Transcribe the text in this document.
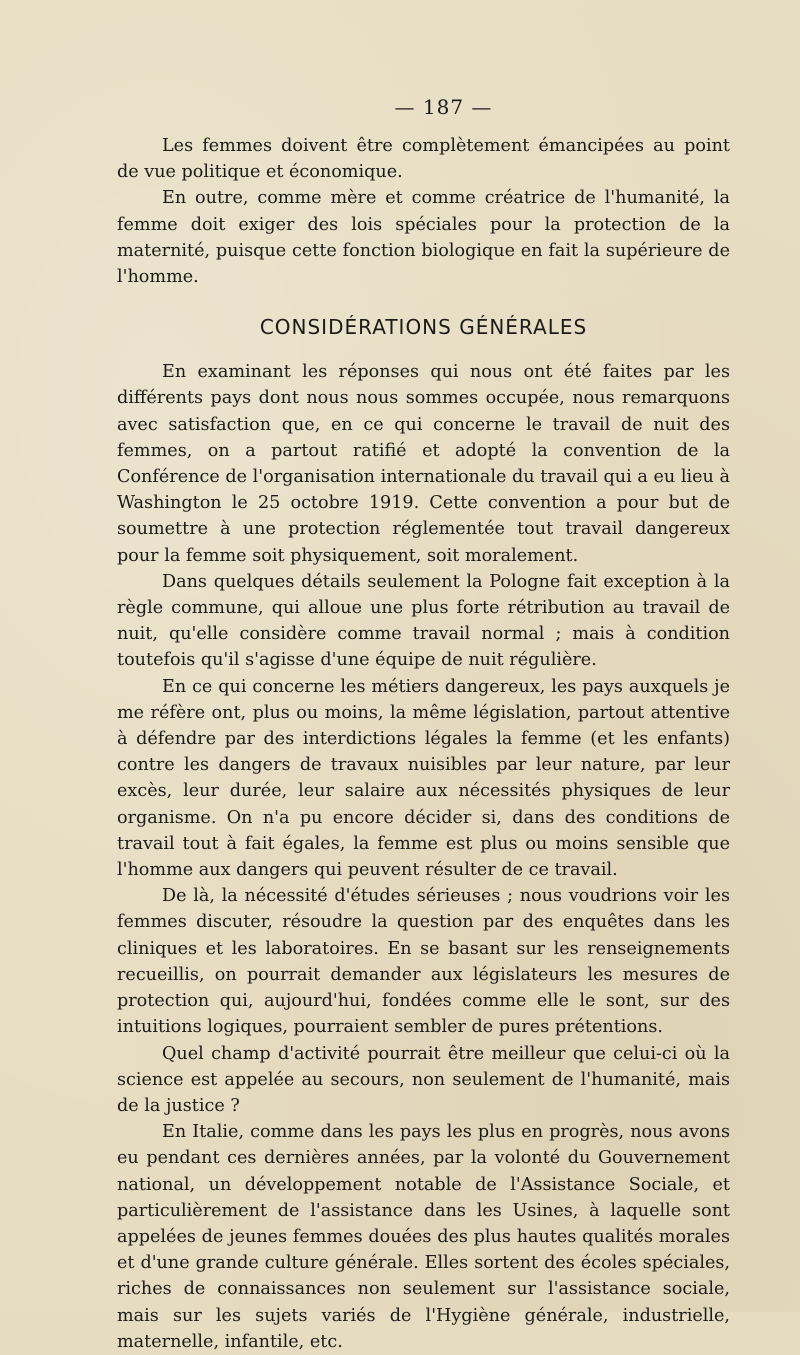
— 187 —

Les femmes doivent être complètement émancipées au point de vue politique et économique.

En outre, comme mère et comme créatrice de l'humanité, la femme doit exiger des lois spéciales pour la protection de la maternité, puisque cette fonction biologique en fait la supérieure de l'homme.

CONSIDÉRATIONS GÉNÉRALES

En examinant les réponses qui nous ont été faites par les différents pays dont nous nous sommes occupée, nous remarquons avec satisfaction que, en ce qui concerne le travail de nuit des femmes, on a partout ratifié et adopté la convention de la Conférence de l'organisation internationale du travail qui a eu lieu à Washington le 25 octobre 1919. Cette convention a pour but de soumettre à une protection réglementée tout travail dangereux pour la femme soit physiquement, soit moralement.

Dans quelques détails seulement la Pologne fait exception à la règle commune, qui alloue une plus forte rétribution au travail de nuit, qu'elle considère comme travail normal ; mais à condition toutefois qu'il s'agisse d'une équipe de nuit régulière.

En ce qui concerne les métiers dangereux, les pays auxquels je me réfère ont, plus ou moins, la même législation, partout attentive à défendre par des interdictions légales la femme (et les enfants) contre les dangers de travaux nuisibles par leur nature, par leur excès, leur durée, leur salaire aux nécessités physiques de leur organisme. On n'a pu encore décider si, dans des conditions de travail tout à fait égales, la femme est plus ou moins sensible que l'homme aux dangers qui peuvent résulter de ce travail.

De là, la nécessité d'études sérieuses ; nous voudrions voir les femmes discuter, résoudre la question par des enquêtes dans les cliniques et les laboratoires. En se basant sur les renseignements recueillis, on pourrait demander aux législateurs les mesures de protection qui, aujourd'hui, fondées comme elle le sont, sur des intuitions logiques, pourraient sembler de pures prétentions.

Quel champ d'activité pourrait être meilleur que celui-ci où la science est appelée au secours, non seulement de l'humanité, mais de la justice ?

En Italie, comme dans les pays les plus en progrès, nous avons eu pendant ces dernières années, par la volonté du Gouvernement national, un développement notable de l'Assistance Sociale, et particulièrement de l'assistance dans les Usines, à laquelle sont appelées de jeunes femmes douées des plus hautes qualités morales et d'une grande culture générale. Elles sortent des écoles spéciales, riches de connaissances non seulement sur l'assistance sociale, mais sur les sujets variés de l'Hygiène générale, industrielle, maternelle, infantile, etc.
